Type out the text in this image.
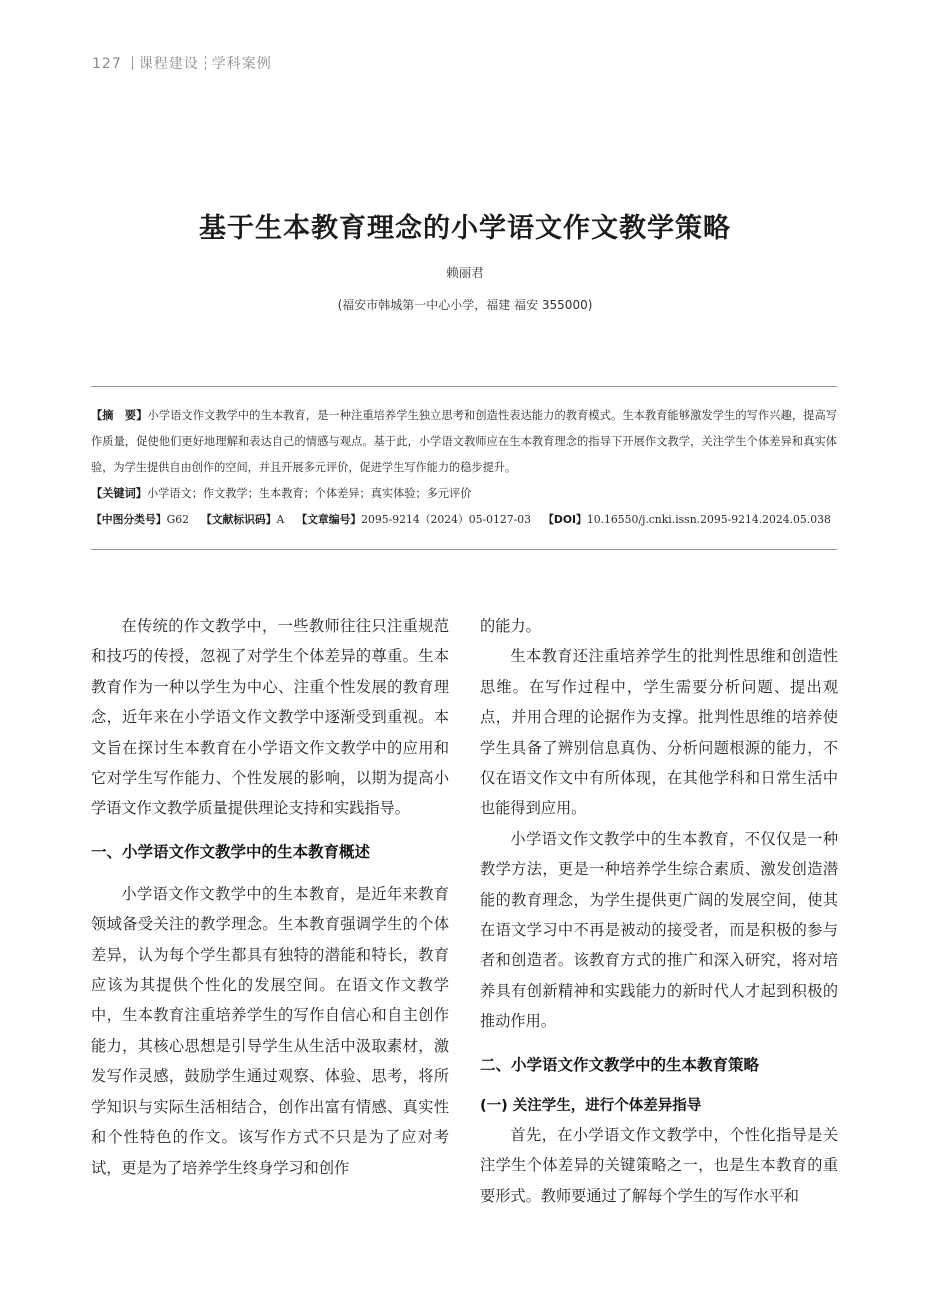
127 课程建设 学科案例
基于生本教育理念的小学语文作文教学策略
赖丽君
(福安市韩城第一中心小学，福建 福安 355000)

【摘　要】小学语文作文教学中的生本教育，是一种注重培养学生独立思考和创造性表达能力的教育模式。生本教育能够激发学生的写作兴趣，提高写作质量，促使他们更好地理解和表达自己的情感与观点。基于此，小学语文教师应在生本教育理念的指导下开展作文教学，关注学生个体差异和真实体验，为学生提供自由创作的空间，并且开展多元评价，促进学生写作能力的稳步提升。

【关键词】小学语文；作文教学；生本教育；个体差异；真实体验；多元评价

【中图分类号】G62 【文献标识码】A 【文章编号】2095-9214（2024）05-0127-03 【DOI】10.16550/j.cnki.issn.2095-9214.2024.05.038

在传统的作文教学中，一些教师往往只注重规范和技巧的传授，忽视了对学生个体差异的尊重。生本教育作为一种以学生为中心、注重个性发展的教育理念，近年来在小学语文作文教学中逐渐受到重视。本文旨在探讨生本教育在小学语文作文教学中的应用和它对学生写作能力、个性发展的影响，以期为提高小学语文作文教学质量提供理论支持和实践指导。

一、小学语文作文教学中的生本教育概述

小学语文作文教学中的生本教育，是近年来教育领域备受关注的教学理念。生本教育强调学生的个体差异，认为每个学生都具有独特的潜能和特长，教育应该为其提供个性化的发展空间。在语文作文教学中，生本教育注重培养学生的写作自信心和自主创作能力，其核心思想是引导学生从生活中汲取素材，激发写作灵感，鼓励学生通过观察、体验、思考，将所学知识与实际生活相结合，创作出富有情感、真实性和个性特色的作文。该写作方式不只是为了应对考试，更是为了培养学生终身学习和创作

的能力。

生本教育还注重培养学生的批判性思维和创造性思维。在写作过程中，学生需要分析问题、提出观点，并用合理的论据作为支撑。批判性思维的培养使学生具备了辨别信息真伪、分析问题根源的能力，不仅在语文作文中有所体现，在其他学科和日常生活中也能得到应用。

小学语文作文教学中的生本教育，不仅仅是一种教学方法，更是一种培养学生综合素质、激发创造潜能的教育理念，为学生提供更广阔的发展空间，使其在语文学习中不再是被动的接受者，而是积极的参与者和创造者。该教育方式的推广和深入研究，将对培养具有创新精神和实践能力的新时代人才起到积极的推动作用。

二、小学语文作文教学中的生本教育策略
(一) 关注学生，进行个体差异指导

首先，在小学语文作文教学中，个性化指导是关注学生个体差异的关键策略之一，也是生本教育的重要形式。教师要通过了解每个学生的写作水平和
